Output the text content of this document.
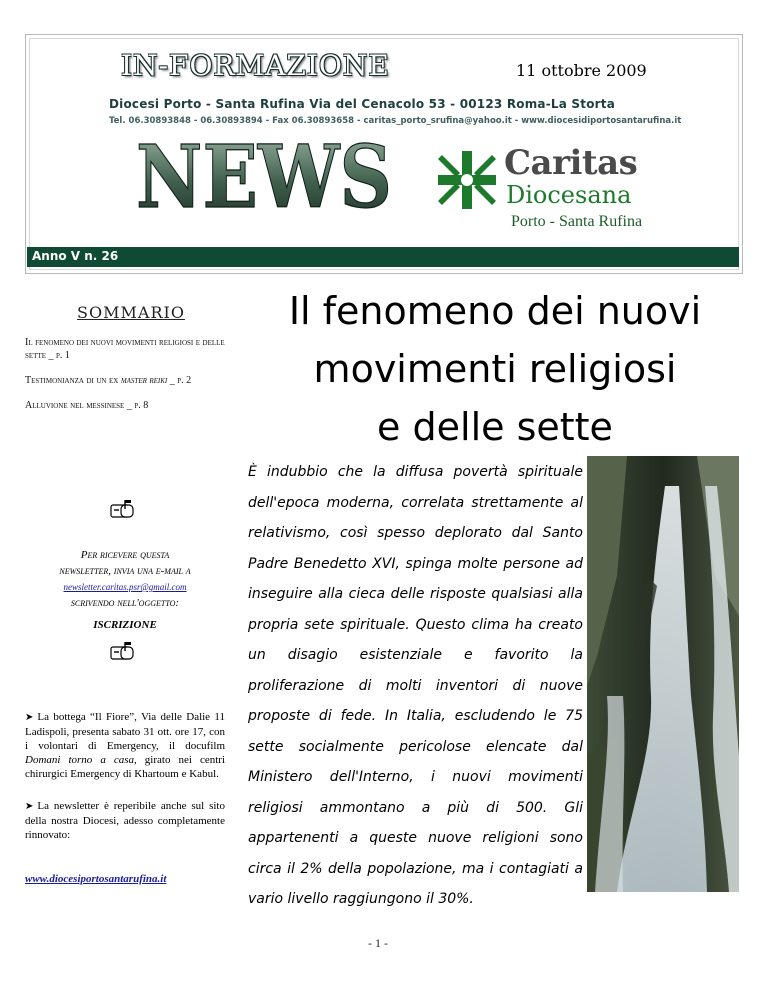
IN-FORMAZIONE	11 ottobre 2009
Diocesi Porto - Santa Rufina Via del Cenacolo 53 - 00123 Roma-La Storta
Tel. 06.30893848 - 06.30893894 - Fax 06.30893658 - caritas_porto_srufina@yahoo.it - www.diocesidiportosantarufina.it
NEWS	Caritas
Diocesana
Porto - Santa Rufina
Anno V n. 26
SOMMARIO

Il fenomeno dei nuovi movimenti religiosi e delle sette _ p. 1

Testimonianza di un ex master reiki _ p. 2

Alluvione nel messinese _ p. 8

Per ricevere questa
newsletter, invia una e-mail a
newsletter.caritas.psr@gmail.com
scrivendo nell'oggetto:
ISCRIZIONE
➤ La bottega “Il Fiore”, Via delle Dalie 11 Ladispoli, presenta sabato 31 ott. ore 17, con i volontari di Emergency, il docufilm Domani torno a casa, girato nei centri chirurgici Emergency di Khartoum e Kabul.
➤ La newsletter è reperibile anche sul sito della nostra Diocesi, adesso completamente rinnovato:
www.diocesiportosantarufina.it
Il fenomeno dei nuovi
movimenti religiosi
e delle sette
È indubbio che la diffusa povertà spirituale dell'epoca moderna, correlata strettamente al relativismo, così spesso deplorato dal Santo Padre Benedetto XVI, spinga molte persone ad inseguire alla cieca delle risposte qualsiasi alla propria sete spirituale. Questo clima ha creato un disagio esistenziale e favorito la proliferazione di molti inventori di nuove proposte di fede. In Italia, escludendo le 75 sette socialmente pericolose elencate dal Ministero dell'Interno, i nuovi movimenti religiosi ammontano a più di 500. Gli appartenenti a queste nuove religioni sono circa il 2% della popolazione, ma i contagiati a vario livello raggiungono il 30%.
- 1 -
